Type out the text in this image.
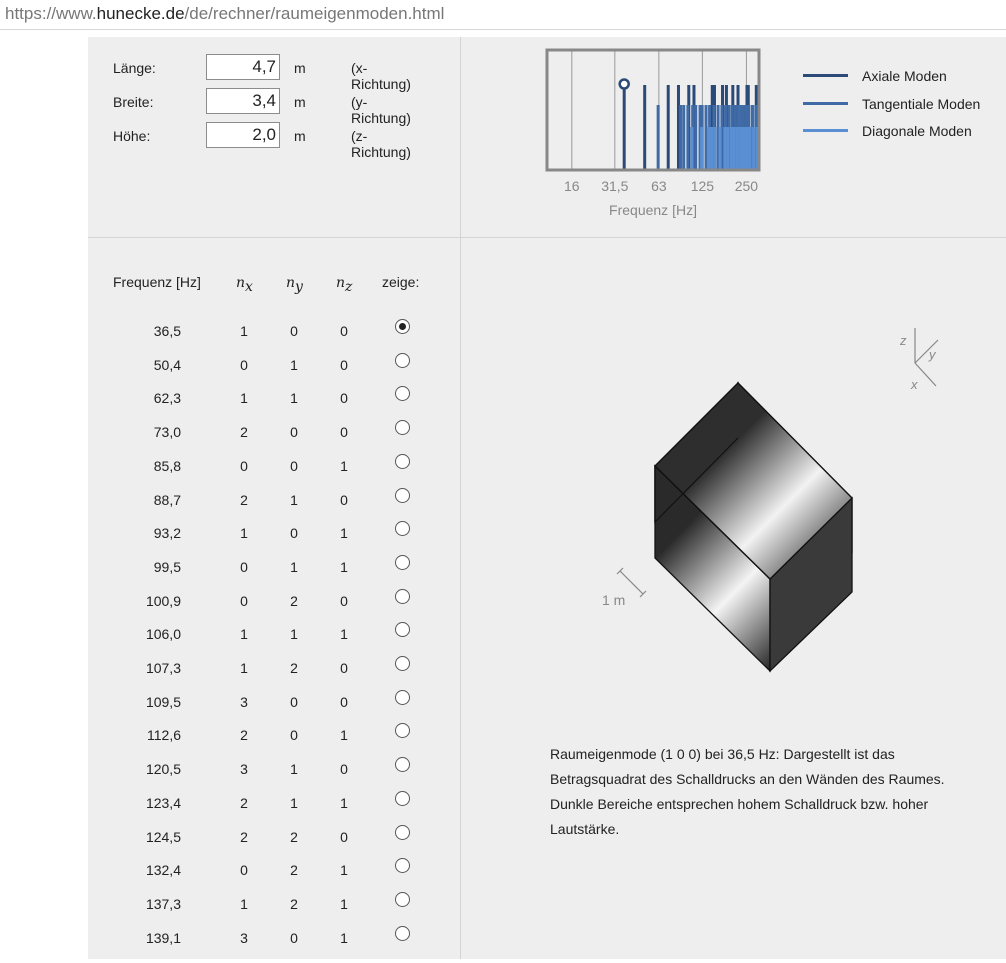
https://www.hunecke.de/de/rechner/raumeigenmoden.html
Länge:	4,7 m	(x-Richtung)
Breite:	3,4 m	(y-Richtung)
Höhe:	2,0 m	(z-Richtung)
16 31,5 63 125 250
Frequenz [Hz]
Axiale Moden
Tangentiale Moden
Diagonale Moden
Frequenz [Hz]	$n_x$ $n_y$ $n_z$ zeige:
36,5	1	0	0
50,4	0	1	0
62,3	1	1	0
73,0	2	0	0
85,8	0	0	1
88,7	2	1	0
93,2	1	0	1
99,5	0	1	1
100,9	0	2	0
106,0	1	1	1
107,3	1	2	0
109,5	3	0	0
112,6	2	0	1
120,5	3	1	0
123,4	2	1	1
124,5	2	2	0
132,4	0	2	1
137,3	1	2	1
139,1	3	0	1
z
y
x
1 m
Raumeigenmode (1 0 0) bei 36,5 Hz: Dargestellt ist das Betragsquadrat des Schalldrucks an den Wänden des Raumes. Dunkle Bereiche entsprechen hohem Schalldruck bzw. hoher Lautstärke.
